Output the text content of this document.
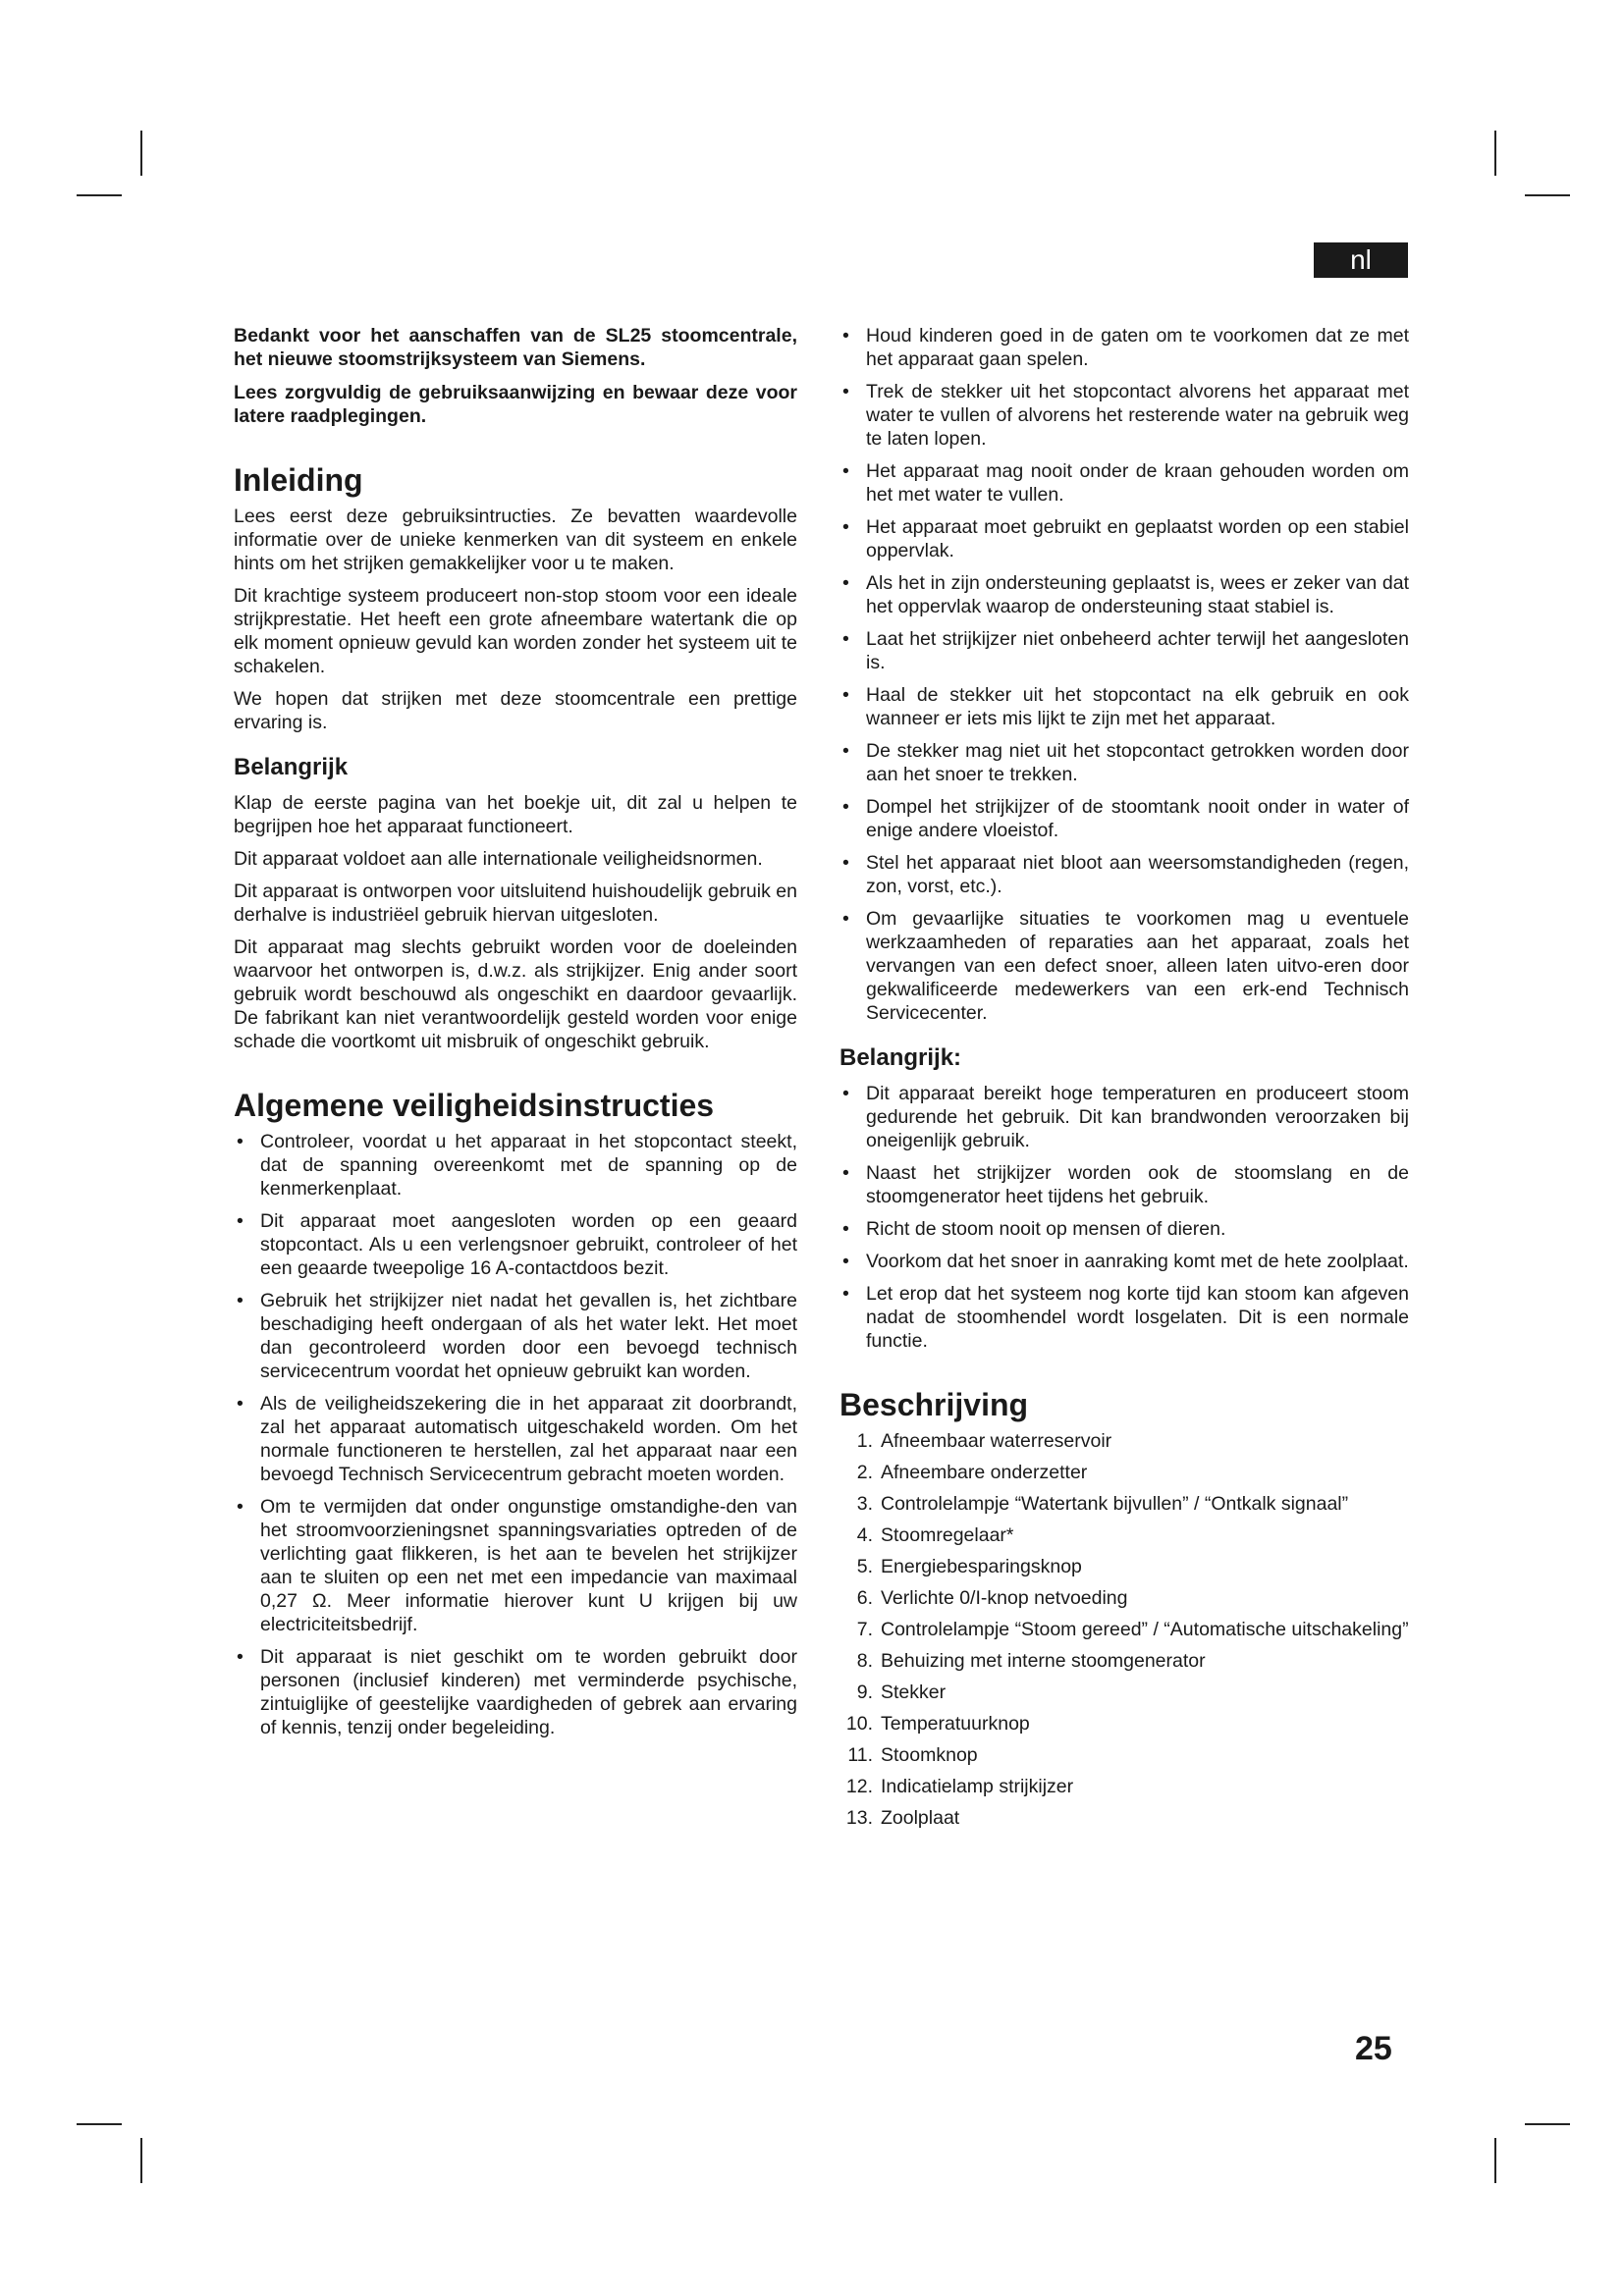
nl

Bedankt voor het aanschaffen van de SL25 stoomcentrale, het nieuwe stoomstrijksysteem van Siemens.

Lees zorgvuldig de gebruiksaanwijzing en bewaar deze voor latere raadplegingen.

Inleiding

Lees eerst deze gebruiksintructies. Ze bevatten waardevolle informatie over de unieke kenmerken van dit systeem en enkele hints om het strijken gemakkelijker voor u te maken.

Dit krachtige systeem produceert non-stop stoom voor een ideale strijkprestatie. Het heeft een grote afneembare watertank die op elk moment opnieuw gevuld kan worden zonder het systeem uit te schakelen.

We hopen dat strijken met deze stoomcentrale een prettige ervaring is.

Belangrijk

Klap de eerste pagina van het boekje uit, dit zal u helpen te begrijpen hoe het apparaat functioneert.

Dit apparaat voldoet aan alle internationale veiligheidsnormen.

Dit apparaat is ontworpen voor uitsluitend huishoudelijk gebruik en derhalve is industriëel gebruik hiervan uitgesloten.

Dit apparaat mag slechts gebruikt worden voor de doeleinden waarvoor het ontworpen is, d.w.z. als strijkijzer. Enig ander soort gebruik wordt beschouwd als ongeschikt en daardoor gevaarlijk. De fabrikant kan niet verantwoordelijk gesteld worden voor enige schade die voortkomt uit misbruik of ongeschikt gebruik.

Algemene veiligheidsinstructies
• Controleer, voordat u het apparaat in het stopcontact steekt, dat de spanning overeenkomt met de spanning op de kenmerkenplaat.
• Dit apparaat moet aangesloten worden op een geaard stopcontact. Als u een verlengsnoer gebruikt, controleer of het een geaarde tweepolige 16 A-contactdoos bezit.
• Gebruik het strijkijzer niet nadat het gevallen is, het zichtbare beschadiging heeft ondergaan of als het water lekt. Het moet dan gecontroleerd worden door een bevoegd technisch servicecentrum voordat het opnieuw gebruikt kan worden.
• Als de veiligheidszekering die in het apparaat zit doorbrandt, zal het apparaat automatisch uitgeschakeld worden. Om het normale functioneren te herstellen, zal het apparaat naar een bevoegd Technisch Servicecentrum gebracht moeten worden.
• Om te vermijden dat onder ongunstige omstandighe-den van het stroomvoorzieningsnet spanningsvariaties optreden of de verlichting gaat flikkeren, is het aan te bevelen het strijkijzer aan te sluiten op een net met een impedancie van maximaal 0,27 Ω. Meer informatie hierover kunt U krijgen bij uw electriciteitsbedrijf.
• Dit apparaat is niet geschikt om te worden gebruikt door personen (inclusief kinderen) met verminderde psychische, zintuiglijke of geestelijke vaardigheden of gebrek aan ervaring of kennis, tenzij onder begeleiding.
• Houd kinderen goed in de gaten om te voorkomen dat ze met het apparaat gaan spelen.
• Trek de stekker uit het stopcontact alvorens het apparaat met water te vullen of alvorens het resterende water na gebruik weg te laten lopen.
• Het apparaat mag nooit onder de kraan gehouden worden om het met water te vullen.
• Het apparaat moet gebruikt en geplaatst worden op een stabiel oppervlak.
• Als het in zijn ondersteuning geplaatst is, wees er zeker van dat het oppervlak waarop de ondersteuning staat stabiel is.
• Laat het strijkijzer niet onbeheerd achter terwijl het aangesloten is.
• Haal de stekker uit het stopcontact na elk gebruik en ook wanneer er iets mis lijkt te zijn met het apparaat.
• De stekker mag niet uit het stopcontact getrokken worden door aan het snoer te trekken.
• Dompel het strijkijzer of de stoomtank nooit onder in water of enige andere vloeistof.
• Stel het apparaat niet bloot aan weersomstandigheden (regen, zon, vorst, etc.).
• Om gevaarlijke situaties te voorkomen mag u eventuele werkzaamheden of reparaties aan het apparaat, zoals het vervangen van een defect snoer, alleen laten uitvo-eren door gekwalificeerde medewerkers van een erk-end Technisch Servicecenter.
Belangrijk:
• Dit apparaat bereikt hoge temperaturen en produceert stoom gedurende het gebruik. Dit kan brandwonden veroorzaken bij oneigenlijk gebruik.
• Naast het strijkijzer worden ook de stoomslang en de stoomgenerator heet tijdens het gebruik.
• Richt de stoom nooit op mensen of dieren.
• Voorkom dat het snoer in aanraking komt met de hete zoolplaat.
• Let erop dat het systeem nog korte tijd kan stoom kan afgeven nadat de stoomhendel wordt losgelaten. Dit is een normale functie.
Beschrijving
1. Afneembaar waterreservoir
2. Afneembare onderzetter
3. Controlelampje “Watertank bijvullen” / “Ontkalk signaal”
4. Stoomregelaar*
5. Energiebesparingsknop
6. Verlichte 0/I-knop netvoeding
7. Controlelampje “Stoom gereed” / “Automatische uitschakeling”
8. Behuizing met interne stoomgenerator
9. Stekker
10. Temperatuurknop
11. Stoomknop
12. Indicatielamp strijkijzer
13. Zoolplaat
25
